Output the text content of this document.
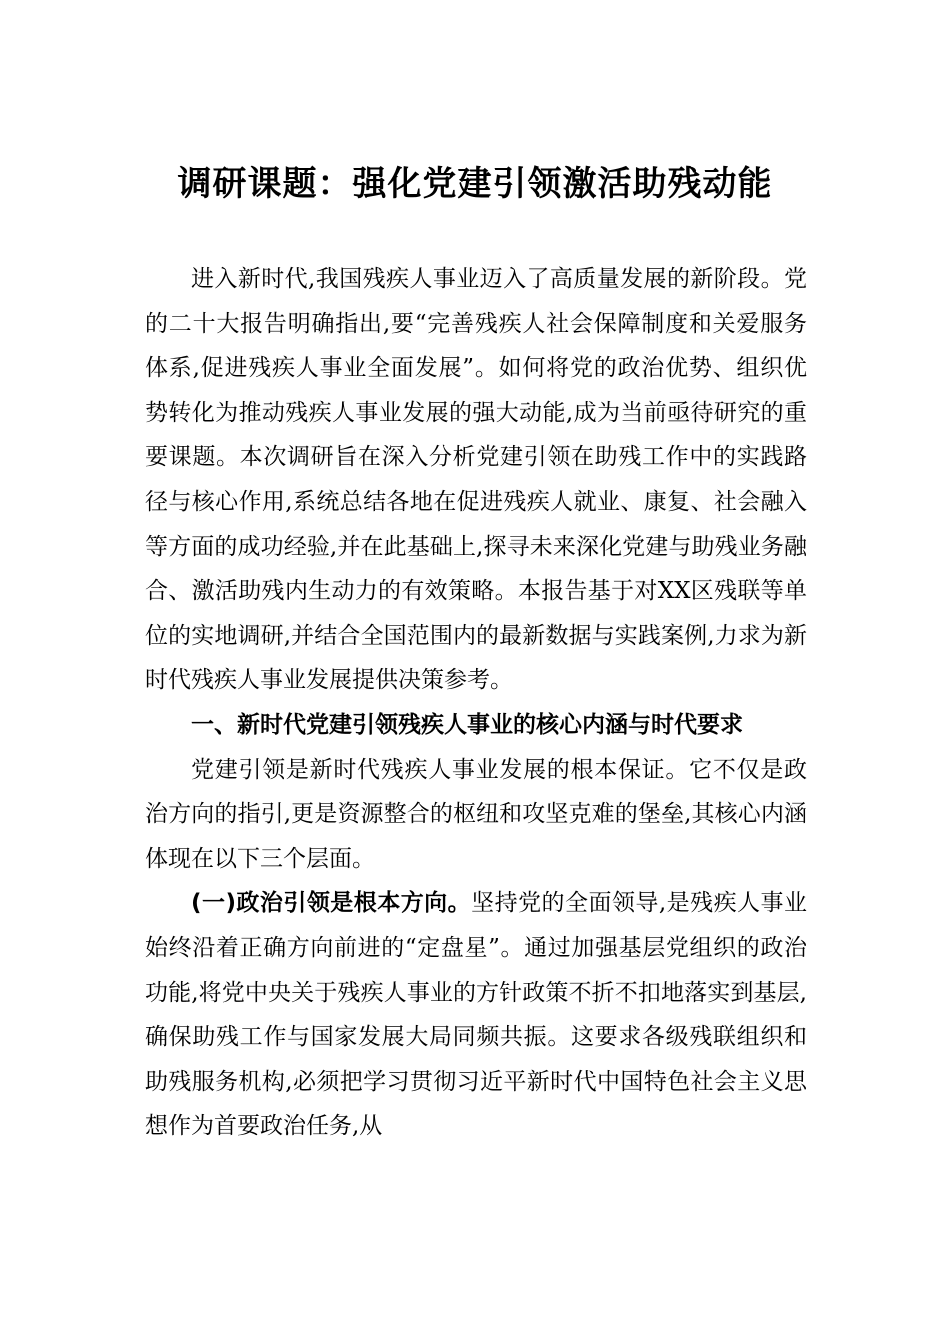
调研课题：强化党建引领激活助残动能

进入新时代,我国残疾人事业迈入了高质量发展的新阶段。党的二十大报告明确指出,要“完善残疾人社会保障制度和关爱服务体系,促进残疾人事业全面发展”。如何将党的政治优势、组织优势转化为推动残疾人事业发展的强大动能,成为当前亟待研究的重要课题。本次调研旨在深入分析党建引领在助残工作中的实践路径与核心作用,系统总结各地在促进残疾人就业、康复、社会融入等方面的成功经验,并在此基础上,探寻未来深化党建与助残业务融合、激活助残内生动力的有效策略。本报告基于对XX区残联等单位的实地调研,并结合全国范围内的最新数据与实践案例,力求为新时代残疾人事业发展提供决策参考。

一、新时代党建引领残疾人事业的核心内涵与时代要求

党建引领是新时代残疾人事业发展的根本保证。它不仅是政治方向的指引,更是资源整合的枢纽和攻坚克难的堡垒,其核心内涵体现在以下三个层面。

(一)政治引领是根本方向。坚持党的全面领导,是残疾人事业始终沿着正确方向前进的“定盘星”。通过加强基层党组织的政治功能,将党中央关于残疾人事业的方针政策不折不扣地落实到基层,确保助残工作与国家发展大局同频共振。这要求各级残联组织和助残服务机构,必须把学习贯彻习近平新时代中国特色社会主义思想作为首要政治任务,从
